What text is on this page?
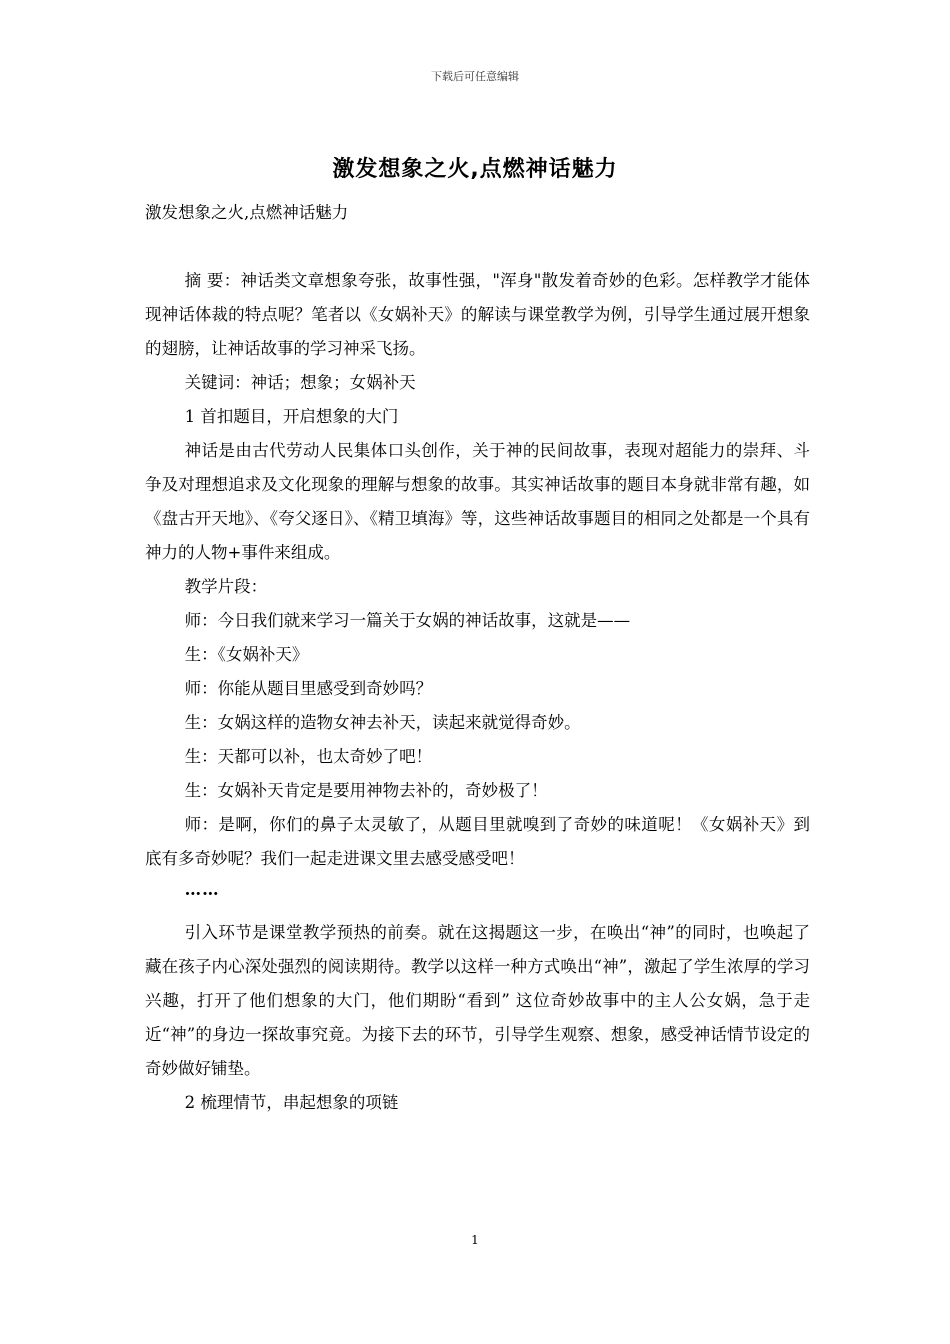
下载后可任意编辑
激发想象之火,点燃神话魅力

激发想象之火,点燃神话魅力

摘 要：神话类文章想象夸张，故事性强，"浑身"散发着奇妙的色彩。怎样教学才能体现神话体裁的特点呢？笔者以《女娲补天》的解读与课堂教学为例，引导学生通过展开想象的翅膀，让神话故事的学习神采飞扬。

关键词：神话；想象；女娲补天

1 首扣题目，开启想象的大门

神话是由古代劳动人民集体口头创作，关于神的民间故事，表现对超能力的崇拜、斗争及对理想追求及文化现象的理解与想象的故事。其实神话故事的题目本身就非常有趣，如《盘古开天地》、《夸父逐日》、《精卫填海》等，这些神话故事题目的相同之处都是一个具有神力的人物+事件来组成。

教学片段：

师：今日我们就来学习一篇关于女娲的神话故事，这就是——

生：《女娲补天》

师：你能从题目里感受到奇妙吗？

生：女娲这样的造物女神去补天，读起来就觉得奇妙。

生：天都可以补，也太奇妙了吧！

生：女娲补天肯定是要用神物去补的，奇妙极了！

师：是啊，你们的鼻子太灵敏了，从题目里就嗅到了奇妙的味道呢！《女娲补天》到底有多奇妙呢？我们一起走进课文里去感受感受吧！

……

引入环节是课堂教学预热的前奏。就在这揭题这一步，在唤出“神”的同时，也唤起了藏在孩子内心深处强烈的阅读期待。教学以这样一种方式唤出“神”，激起了学生浓厚的学习兴趣，打开了他们想象的大门，他们期盼“看到” 这位奇妙故事中的主人公女娲，急于走近“神”的身边一探故事究竟。为接下去的环节，引导学生观察、想象，感受神话情节设定的奇妙做好铺垫。

2 梳理情节，串起想象的项链

1
